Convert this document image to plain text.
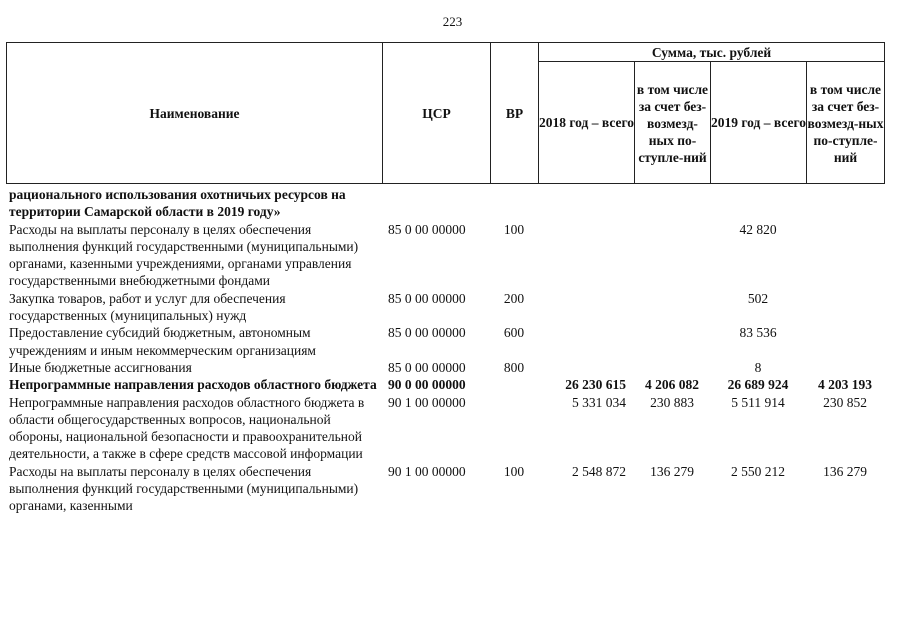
223
Наименование	ЦСР	ВР	Сумма, тыс. рублей			
			2018 год – всего	в том числе за счет без-возмезд-ных по-ступле-ний	2019 год – всего	в том числе за счет без-возмезд-ных по-ступле-ний
рационального использования охотничьих ресурсов на территории Самарской области в 2019 году»						
Расходы на выплаты персоналу в целях обеспечения выполнения функций государственными (муниципальными) органами, казенными учреждениями, органами управления государственными внебюджетными фондами	85 0 00 00000	100			42 820	
Закупка товаров, работ и услуг для обеспечения государственных (муниципальных) нужд	85 0 00 00000	200			502	
Предоставление субсидий бюджетным, автономным учреждениям и иным некоммерческим организациям	85 0 00 00000	600			83 536	
Иные бюджетные ассигнования	85 0 00 00000	800			8	
Непрограммные направления расходов областного бюджета	90 0 00 00000		26 230 615	4 206 082	26 689 924	4 203 193
Непрограммные направления расходов областного бюджета в области общегосударственных вопросов, национальной обороны, национальной безопасности и правоохранительной деятельности, а также в сфере средств массовой информации	90 1 00 00000		5 331 034	230 883	5 511 914	230 852
Расходы на выплаты персоналу в целях обеспечения выполнения функций государственными (муниципальными) органами, казенными	90 1 00 00000	100	2 548 872	136 279	2 550 212	136 279
